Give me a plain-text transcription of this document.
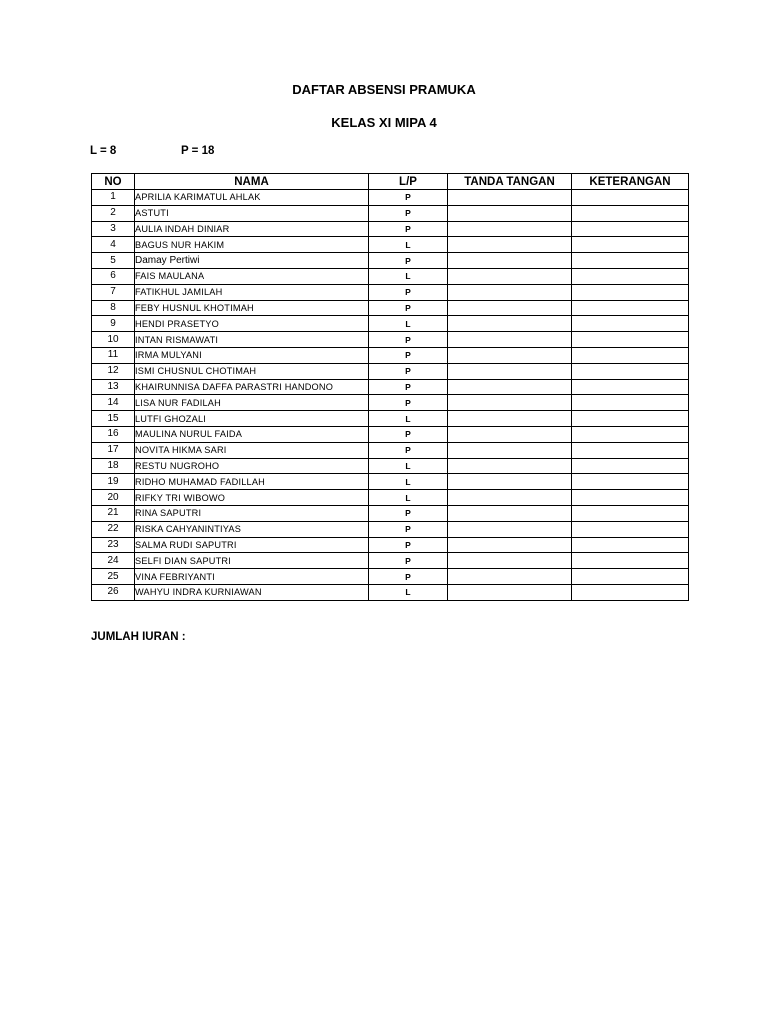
DAFTAR ABSENSI PRAMUKA
KELAS XI MIPA 4
L = 8	P = 18
NO	NAMA	L/P	TANDA TANGAN	KETERANGAN
1	APRILIA KARIMATUL AHLAK	P		
2	ASTUTI	P		
3	AULIA INDAH DINIAR	P		
4	BAGUS NUR HAKIM	L		
5	Damay Pertiwi	P		
6	FAIS MAULANA	L		
7	FATIKHUL JAMILAH	P		
8	FEBY HUSNUL KHOTIMAH	P		
9	HENDI PRASETYO	L		
10	INTAN RISMAWATI	P		
11	IRMA MULYANI	P		
12	ISMI CHUSNUL CHOTIMAH	P		
13	KHAIRUNNISA DAFFA PARASTRI HANDONO	P		
14	LISA NUR FADILAH	P		
15	LUTFI GHOZALI	L		
16	MAULINA NURUL FAIDA	P		
17	NOVITA HIKMA SARI	P		
18	RESTU NUGROHO	L		
19	RIDHO MUHAMAD FADILLAH	L		
20	RIFKY TRI WIBOWO	L		
21	RINA SAPUTRI	P		
22	RISKA CAHYANINTIYAS	P		
23	SALMA RUDI SAPUTRI	P		
24	SELFI DIAN SAPUTRI	P		
25	VINA FEBRIYANTI	P		
26	WAHYU INDRA KURNIAWAN	L		
JUMLAH IURAN :
